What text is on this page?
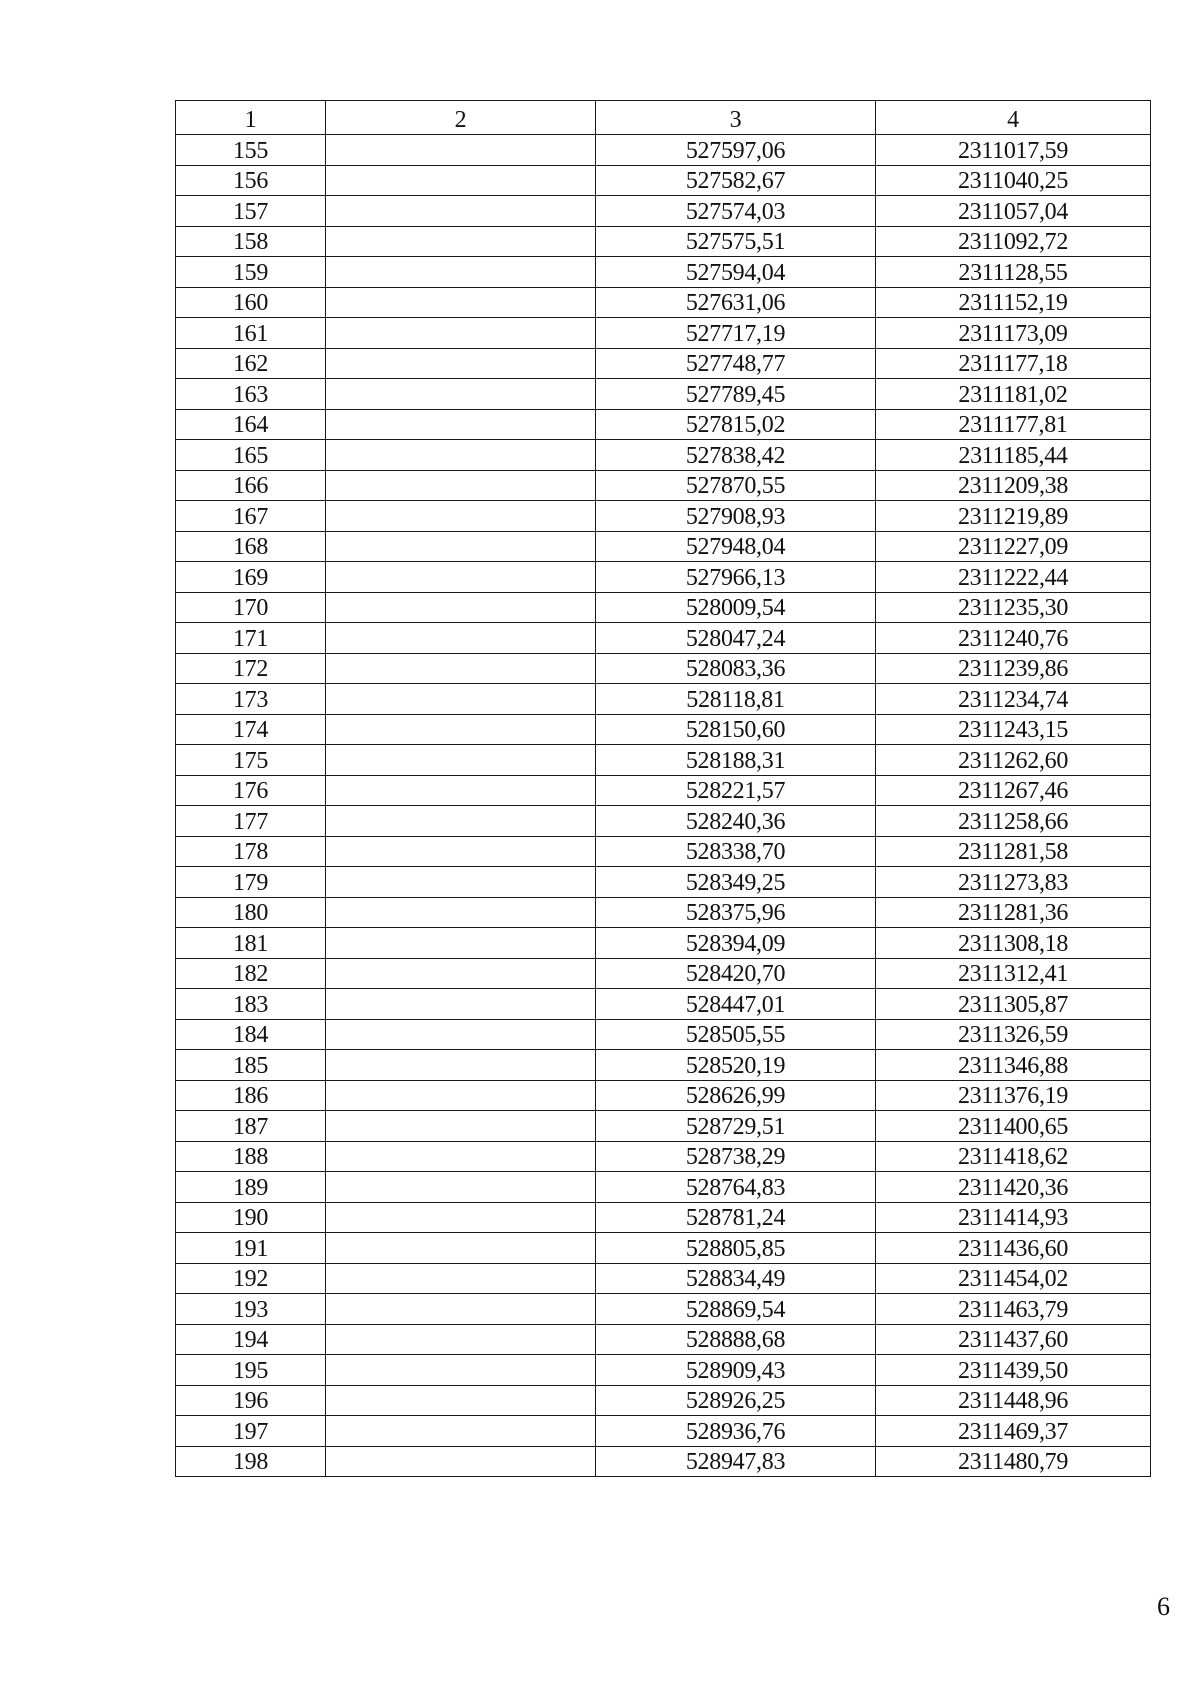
1	2	3	4
155		527597,06	2311017,59
156		527582,67	2311040,25
157		527574,03	2311057,04
158		527575,51	2311092,72
159		527594,04	2311128,55
160		527631,06	2311152,19
161		527717,19	2311173,09
162		527748,77	2311177,18
163		527789,45	2311181,02
164		527815,02	2311177,81
165		527838,42	2311185,44
166		527870,55	2311209,38
167		527908,93	2311219,89
168		527948,04	2311227,09
169		527966,13	2311222,44
170		528009,54	2311235,30
171		528047,24	2311240,76
172		528083,36	2311239,86
173		528118,81	2311234,74
174		528150,60	2311243,15
175		528188,31	2311262,60
176		528221,57	2311267,46
177		528240,36	2311258,66
178		528338,70	2311281,58
179		528349,25	2311273,83
180		528375,96	2311281,36
181		528394,09	2311308,18
182		528420,70	2311312,41
183		528447,01	2311305,87
184		528505,55	2311326,59
185		528520,19	2311346,88
186		528626,99	2311376,19
187		528729,51	2311400,65
188		528738,29	2311418,62
189		528764,83	2311420,36
190		528781,24	2311414,93
191		528805,85	2311436,60
192		528834,49	2311454,02
193		528869,54	2311463,79
194		528888,68	2311437,60
195		528909,43	2311439,50
196		528926,25	2311448,96
197		528936,76	2311469,37
198		528947,83	2311480,79
6
